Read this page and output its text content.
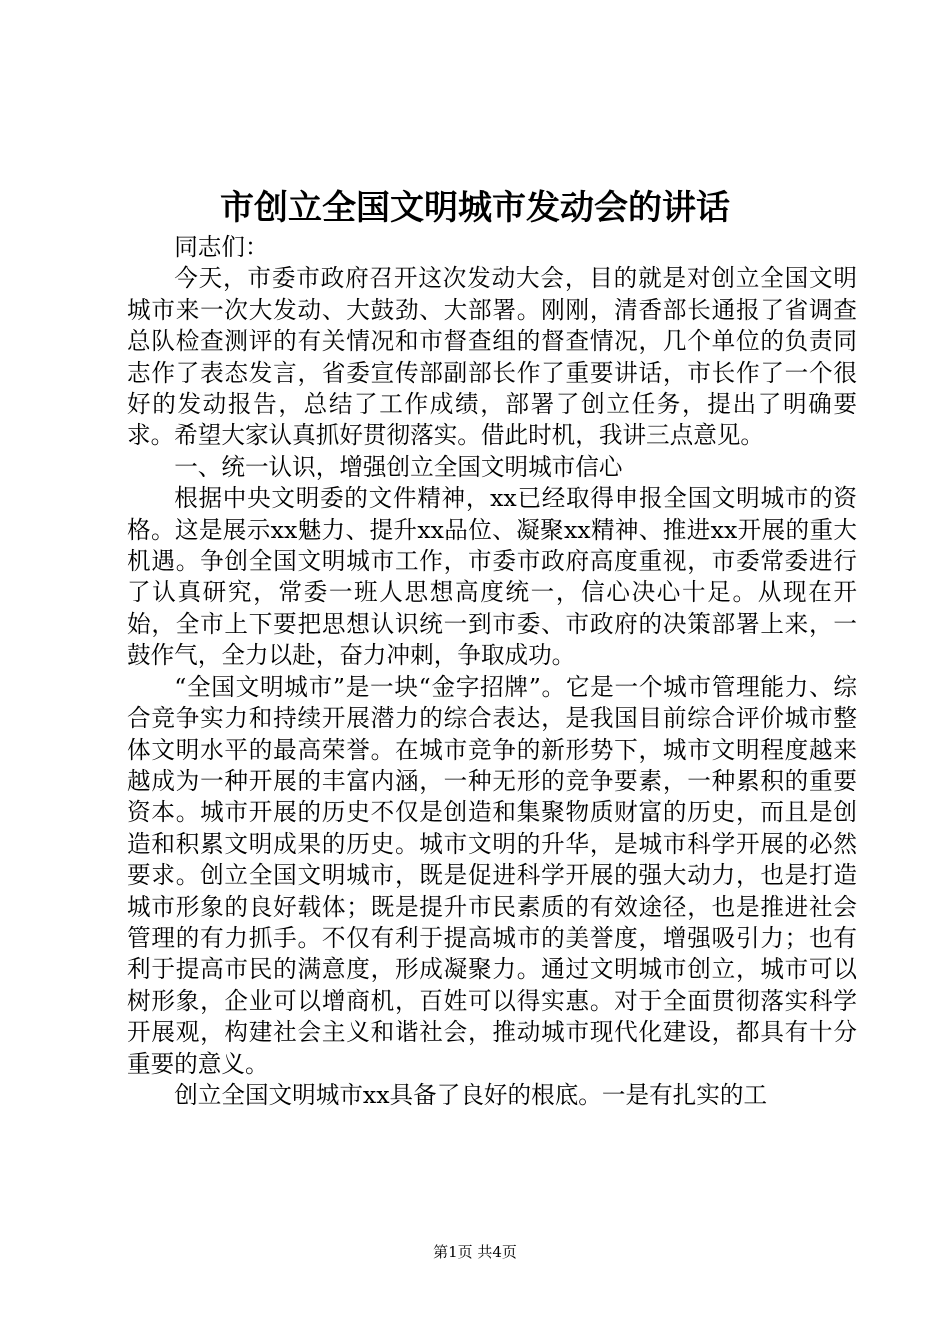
市创立全国文明城市发动会的讲话

同志们：

今天，市委市政府召开这次发动大会，目的就是对创立全国文明城市来一次大发动、大鼓劲、大部署。刚刚，清香部长通报了省调查总队检查测评的有关情况和市督查组的督查情况，几个单位的负责同志作了表态发言，省委宣传部副部长作了重要讲话，市长作了一个很好的发动报告，总结了工作成绩，部署了创立任务，提出了明确要求。希望大家认真抓好贯彻落实。借此时机，我讲三点意见。

一、统一认识，增强创立全国文明城市信心

根据中央文明委的文件精神，xx已经取得申报全国文明城市的资格。这是展示xx魅力、提升xx品位、凝聚xx精神、推进xx开展的重大机遇。争创全国文明城市工作，市委市政府高度重视，市委常委进行了认真研究，常委一班人思想高度统一，信心决心十足。从现在开始，全市上下要把思想认识统一到市委、市政府的决策部署上来，一鼓作气，全力以赴，奋力冲刺，争取成功。

“全国文明城市”是一块“金字招牌”。它是一个城市管理能力、综合竞争实力和持续开展潜力的综合表达，是我国目前综合评价城市整体文明水平的最高荣誉。在城市竞争的新形势下，城市文明程度越来越成为一种开展的丰富内涵，一种无形的竞争要素，一种累积的重要资本。城市开展的历史不仅是创造和集聚物质财富的历史，而且是创造和积累文明成果的历史。城市文明的升华，是城市科学开展的必然要求。创立全国文明城市，既是促进科学开展的强大动力，也是打造城市形象的良好载体；既是提升市民素质的有效途径，也是推进社会管理的有力抓手。不仅有利于提高城市的美誉度，增强吸引力；也有利于提高市民的满意度，形成凝聚力。通过文明城市创立，城市可以树形象，企业可以增商机，百姓可以得实惠。对于全面贯彻落实科学开展观，构建社会主义和谐社会，推动城市现代化建设，都具有十分重要的意义。

创立全国文明城市xx具备了良好的根底。一是有扎实的工

第1页 共4页
